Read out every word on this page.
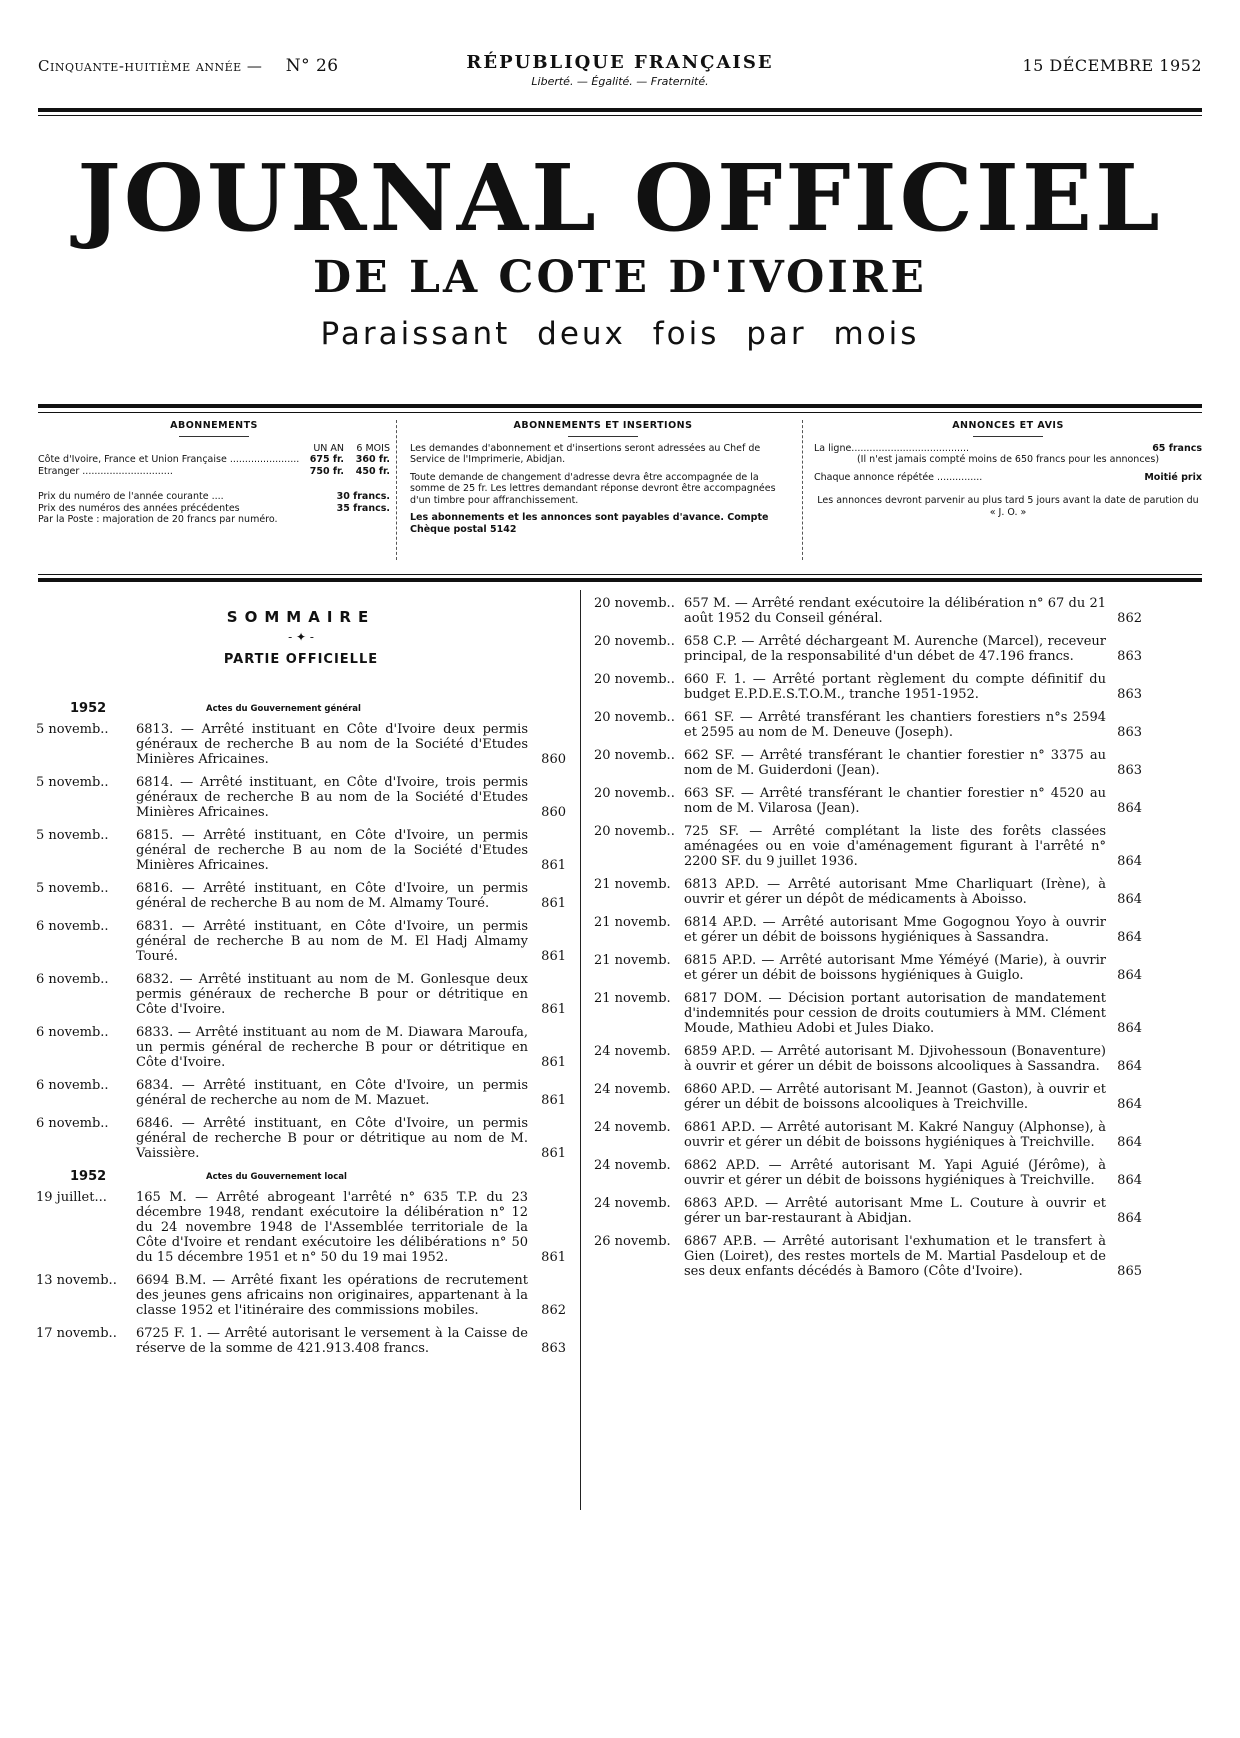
Cinquante-huitième année — N° 26	RÉPUBLIQUE FRANÇAISE
Liberté. — Égalité. — Fraternité.
15 DÉCEMBRE 1952
JOURNAL OFFICIEL
DE LA COTE D'IVOIRE
Paraissant deux fois par mois
ABONNEMENTS
UN AN	6 MOIS
Côte d'Ivoire, France et Union Française .......................	675 fr.	360 fr.
Etranger ..............................	750 fr.	450 fr.
Prix du numéro de l'année courante ....	30 francs.
Prix des numéros des années précédentes	35 francs.
Par la Poste : majoration de 20 francs par numéro.
ABONNEMENTS ET INSERTIONS

Les demandes d'abonnement et d'insertions seront adressées au Chef de Service de l'Imprimerie, Abidjan.

Toute demande de changement d'adresse devra être accompagnée de la somme de 25 fr. Les lettres demandant réponse devront être accompagnées d'un timbre pour affranchissement.

Les abonnements et les annonces sont payables d'avance. Compte Chèque postal 5142

ANNONCES ET AVIS
La ligne.......................................	65 francs

(Il n'est jamais compté moins de 650 francs pour les annonces)

Chaque annonce répétée ...............	Moitié prix

Les annonces devront parvenir au plus tard 5 jours avant la date de parution du « J. O. »

SOMMAIRE
- ✦ -
PARTIE OFFICIELLE
1952	Actes du Gouvernement général
5 novemb..	6813. — Arrêté instituant en Côte d'Ivoire deux permis généraux de recherche B au nom de la Société d'Etudes Minières Africaines.	860
5 novemb..	6814. — Arrêté instituant, en Côte d'Ivoire, trois permis généraux de recherche B au nom de la Société d'Etudes Minières Africaines.	860
5 novemb..	6815. — Arrêté instituant, en Côte d'Ivoire, un permis général de recherche B au nom de la Société d'Etudes Minières Africaines.	861
5 novemb..	6816. — Arrêté instituant, en Côte d'Ivoire, un permis général de recherche B au nom de M. Almamy Touré.	861
6 novemb..	6831. — Arrêté instituant, en Côte d'Ivoire, un permis général de recherche B au nom de M. El Hadj Almamy Touré.	861
6 novemb..	6832. — Arrêté instituant au nom de M. Gonlesque deux permis généraux de recherche B pour or détritique en Côte d'Ivoire.	861
6 novemb..	6833. — Arrêté instituant au nom de M. Diawara Maroufa, un permis général de recherche B pour or détritique en Côte d'Ivoire.	861
6 novemb..	6834. — Arrêté instituant, en Côte d'Ivoire, un permis général de recherche au nom de M. Mazuet.	861
6 novemb..	6846. — Arrêté instituant, en Côte d'Ivoire, un permis général de recherche B pour or détritique au nom de M. Vaissière.	861
1952	Actes du Gouvernement local
19 juillet...	165 M. — Arrêté abrogeant l'arrêté n° 635 T.P. du 23 décembre 1948, rendant exécutoire la délibération n° 12 du 24 novembre 1948 de l'Assemblée territoriale de la Côte d'Ivoire et rendant exécutoire les délibérations n° 50 du 15 décembre 1951 et n° 50 du 19 mai 1952.	861
13 novemb..	6694 B.M. — Arrêté fixant les opérations de recrutement des jeunes gens africains non originaires, appartenant à la classe 1952 et l'itinéraire des commissions mobiles.	862
17 novemb..	6725 F. 1. — Arrêté autorisant le versement à la Caisse de réserve de la somme de 421.913.408 francs.	863
20 novemb.. 657 M. — Arrêté rendant exécutoire la délibération n° 67 du 21 août 1952 du Conseil général.	862
20 novemb.. 658 C.P. — Arrêté déchargeant M. Aurenche (Marcel), receveur principal, de la responsabilité d'un débet de 47.196 francs.	863
20 novemb.. 660 F. 1. — Arrêté portant règlement du compte définitif du budget E.P.D.E.S.T.O.M., tranche 1951-1952.	863
20 novemb.. 661 SF. — Arrêté transférant les chantiers forestiers n°s 2594 et 2595 au nom de M. Deneuve (Joseph).	863
20 novemb.. 662 SF. — Arrêté transférant le chantier forestier n° 3375 au nom de M. Guiderdoni (Jean).	863
20 novemb.. 663 SF. — Arrêté transférant le chantier forestier n° 4520 au nom de M. Vilarosa (Jean).	864
20 novemb.. 725 SF. — Arrêté complétant la liste des forêts classées aménagées ou en voie d'aménagement figurant à l'arrêté n° 2200 SF. du 9 juillet 1936.	864
21 novemb.	6813 AP.D. — Arrêté autorisant Mme Charliquart (Irène), à ouvrir et gérer un dépôt de médicaments à Aboisso.	864
21 novemb.	6814 AP.D. — Arrêté autorisant Mme Gogognou Yoyo à ouvrir et gérer un débit de boissons hygiéniques à Sassandra.	864
21 novemb.	6815 AP.D. — Arrêté autorisant Mme Yéméyé (Marie), à ouvrir et gérer un débit de boissons hygiéniques à Guiglo.	864
21 novemb.	6817 DOM. — Décision portant autorisation de mandatement d'indemnités pour cession de droits coutumiers à MM. Clément Moude, Mathieu Adobi et Jules Diako.	864
24 novemb.	6859 AP.D. — Arrêté autorisant M. Djivohessoun (Bonaventure) à ouvrir et gérer un débit de boissons alcooliques à Sassandra.	864
24 novemb.	6860 AP.D. — Arrêté autorisant M. Jeannot (Gaston), à ouvrir et gérer un débit de boissons alcooliques à Treichville.	864
24 novemb.	6861 AP.D. — Arrêté autorisant M. Kakré Nanguy (Alphonse), à ouvrir et gérer un débit de boissons hygiéniques à Treichville.	864
24 novemb.	6862 AP.D. — Arrêté autorisant M. Yapi Aguié (Jérôme), à ouvrir et gérer un débit de boissons hygiéniques à Treichville.	864
24 novemb.	6863 AP.D. — Arrêté autorisant Mme L. Couture à ouvrir et gérer un bar-restaurant à Abidjan.	864
26 novemb.	6867 AP.B. — Arrêté autorisant l'exhumation et le transfert à Gien (Loiret), des restes mortels de M. Martial Pasdeloup et de ses deux enfants décédés à Bamoro (Côte d'Ivoire).	865
